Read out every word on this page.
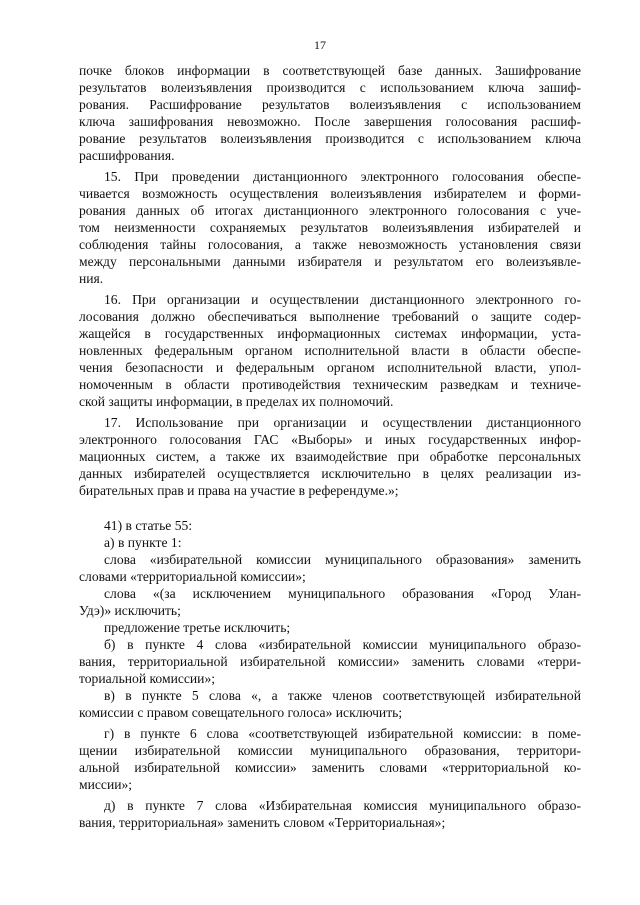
17
почке блоков информации в соответствующей базе данных. Зашифрование
результатов волеизъявления производится с использованием ключа зашиф-
рования. Расшифрование результатов волеизъявления с использованием
ключа зашифрования невозможно. После завершения голосования расшиф-
рование результатов волеизъявления производится с использованием ключа
расшифрования.
15. При проведении дистанционного электронного голосования обеспе-
чивается возможность осуществления волеизъявления избирателем и форми-
рования данных об итогах дистанционного электронного голосования с уче-
том неизменности сохраняемых результатов волеизъявления избирателей и
соблюдения тайны голосования, а также невозможность установления связи
между персональными данными избирателя и результатом его волеизъявле-
ния.
16. При организации и осуществлении дистанционного электронного го-
лосования должно обеспечиваться выполнение требований о защите содер-
жащейся в государственных информационных системах информации, уста-
новленных федеральным органом исполнительной власти в области обеспе-
чения безопасности и федеральным органом исполнительной власти, упол-
номоченным в области противодействия техническим разведкам и техниче-
ской защиты информации, в пределах их полномочий.
17. Использование при организации и осуществлении дистанционного
электронного голосования ГАС «Выборы» и иных государственных инфор-
мационных систем, а также их взаимодействие при обработке персональных
данных избирателей осуществляется исключительно в целях реализации из-
бирательных прав и права на участие в референдуме.»;
41) в статье 55:
а) в пункте 1:
слова «избирательной комиссии муниципального образования» заменить
словами «территориальной комиссии»;
слова «(за исключением муниципального образования «Город Улан-
Удэ)» исключить;
предложение третье исключить;
б) в пункте 4 слова «избирательной комиссии муниципального образо-
вания, территориальной избирательной комиссии» заменить словами «терри-
ториальной комиссии»;
в) в пункте 5 слова «, а также членов соответствующей избирательной
комиссии с правом совещательного голоса» исключить;
г) в пункте 6 слова «соответствующей избирательной комиссии: в поме-
щении избирательной комиссии муниципального образования, территори-
альной избирательной комиссии» заменить словами «территориальной ко-
миссии»;
д) в пункте 7 слова «Избирательная комиссия муниципального образо-
вания, территориальная» заменить словом «Территориальная»;
